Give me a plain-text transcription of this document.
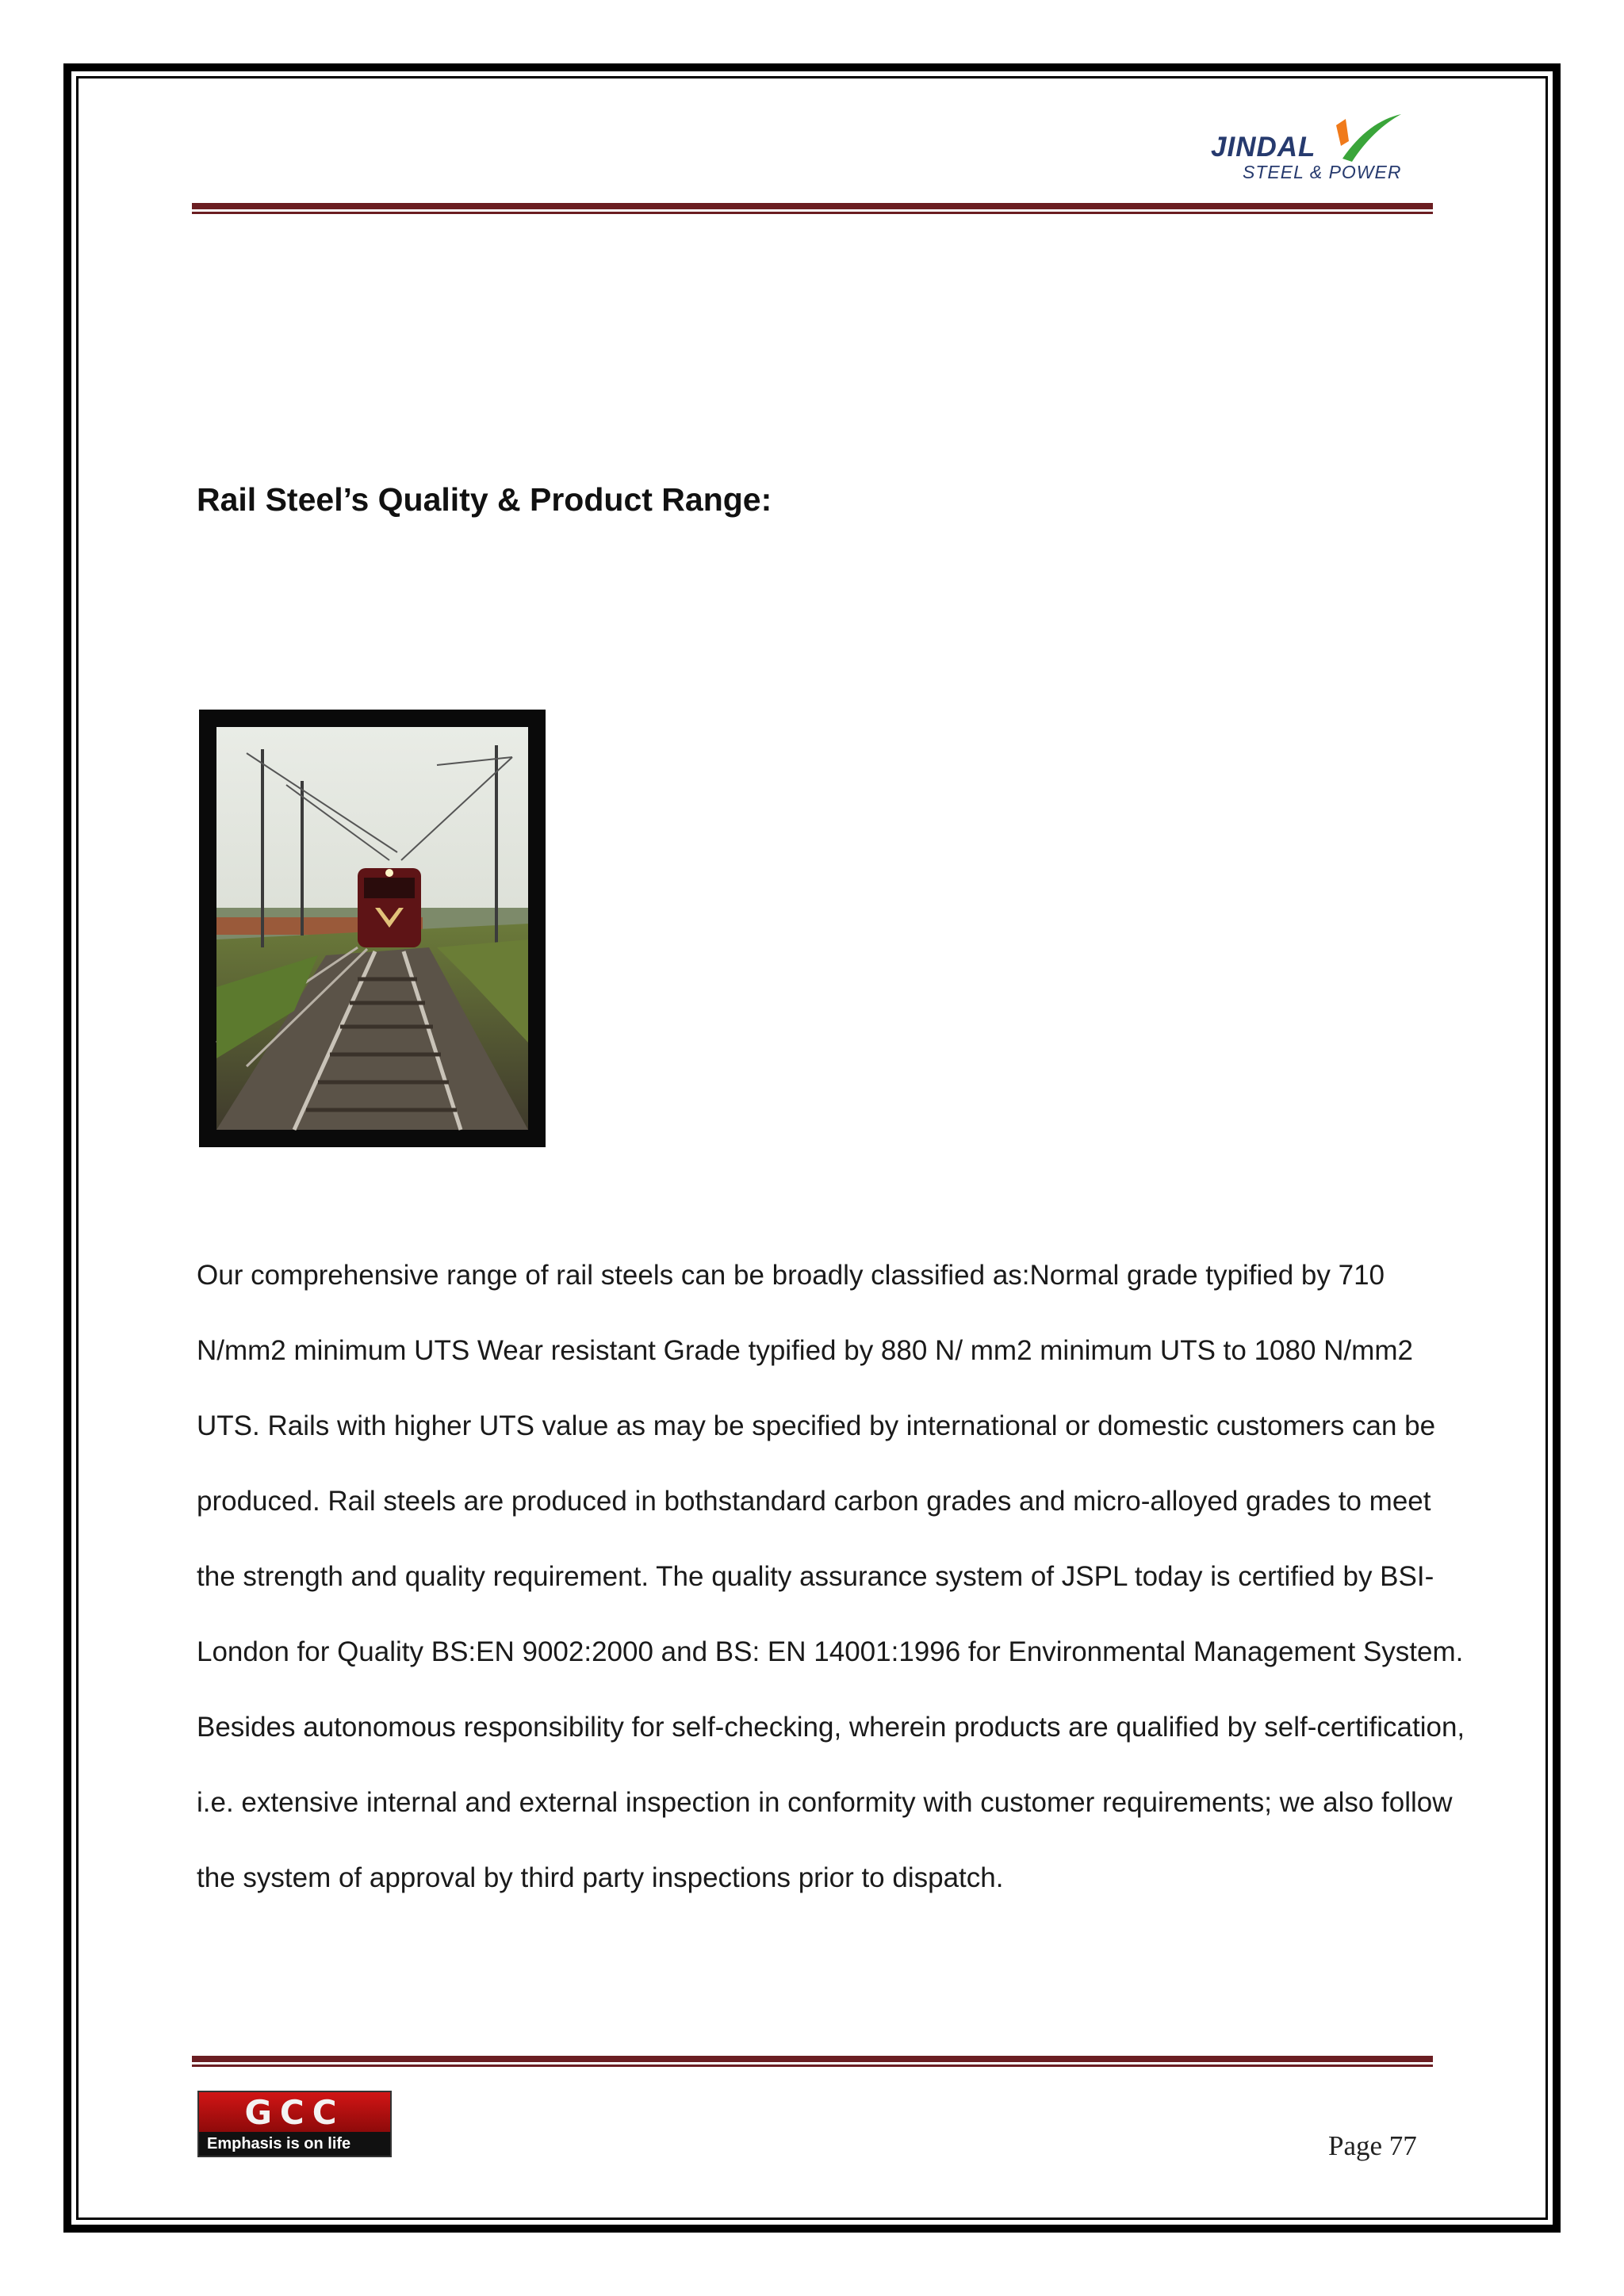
JINDAL
STEEL & POWER
Rail Steel’s Quality & Product Range:

Our comprehensive range of rail steels can be broadly classified as:Normal grade typified by 710
N/mm2 minimum UTS Wear resistant Grade typified by 880 N/ mm2 minimum UTS to 1080 N/mm2
UTS. Rails with higher UTS value as may be specified by international or domestic customers can be
produced. Rail steels are produced in bothstandard carbon grades and micro-alloyed grades to meet
the strength and quality requirement. The quality assurance system of JSPL today is certified by BSI-
London for Quality BS:EN 9002:2000 and BS: EN 14001:1996 for Environmental Management System.
Besides autonomous responsibility for self-checking, wherein products are qualified by self-certification,
i.e. extensive internal and external inspection in conformity with customer requirements; we also follow
the system of approval by third party inspections prior to dispatch.

GCC
Emphasis is on life	Page 77
